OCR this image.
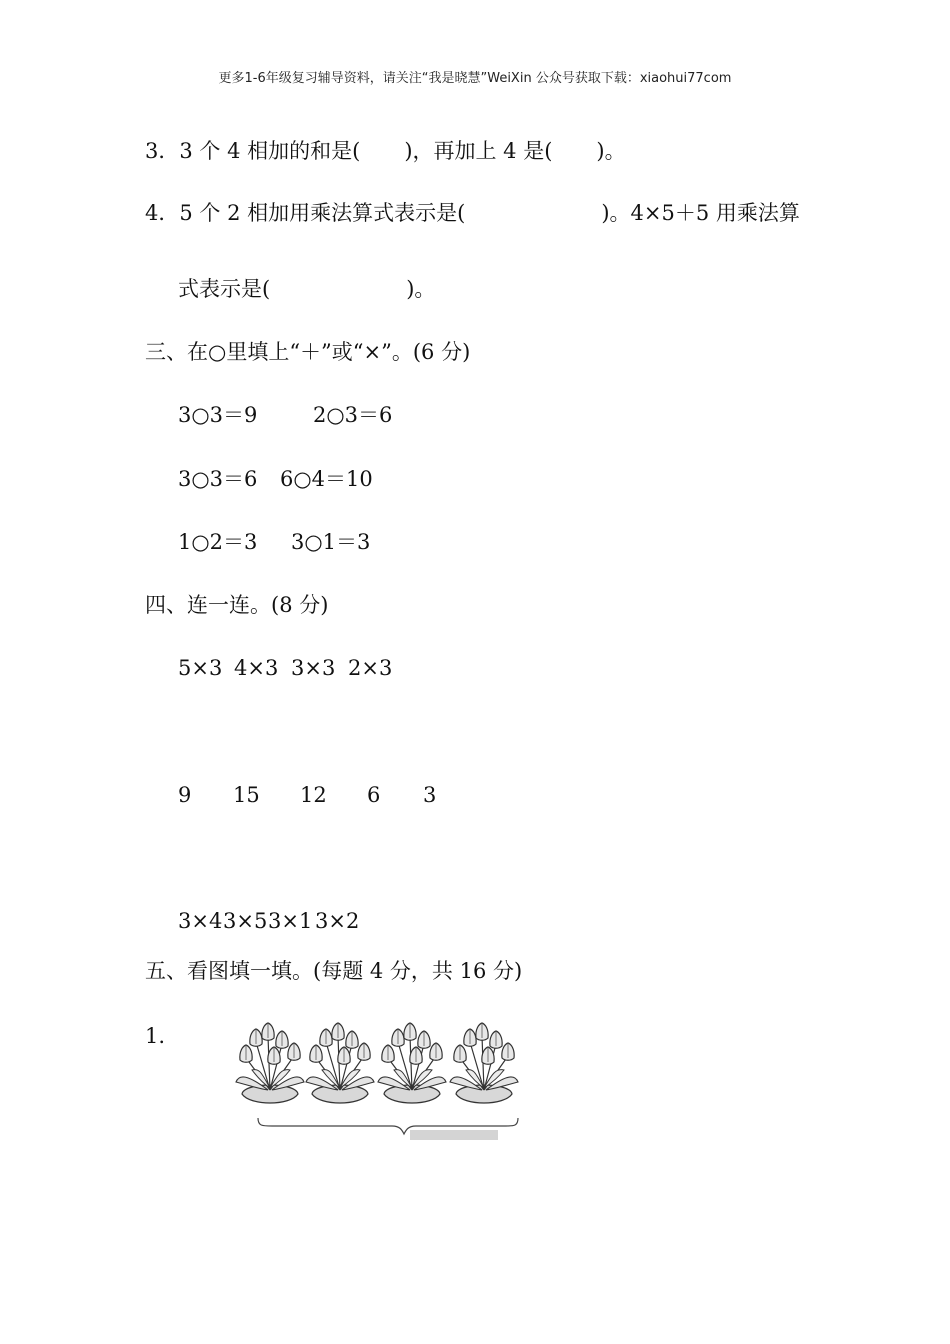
更多1-6年级复习辅导资料，请关注“我是晓慧”WeiXin 公众号获取下载：xiaohui77com
3．3 个 4 相加的和是( )，再加上 4 是( )。
4．5 个 2 相加用乘法算式表示是(	)。4×5＋5 用乘法算
式表示是(	)。
三、在○里填上“＋”或“×”。(6 分)
3○3＝9	2○3＝6
3○3＝6 6○4＝10
1○2＝3 3○1＝3
四、连一连。(8 分)
5×3 4×3 3×3 2×3
9 15 12 6 3
3×4 3×5 3×1 3×2
五、看图填一填。(每题 4 分，共 16 分)
1.
